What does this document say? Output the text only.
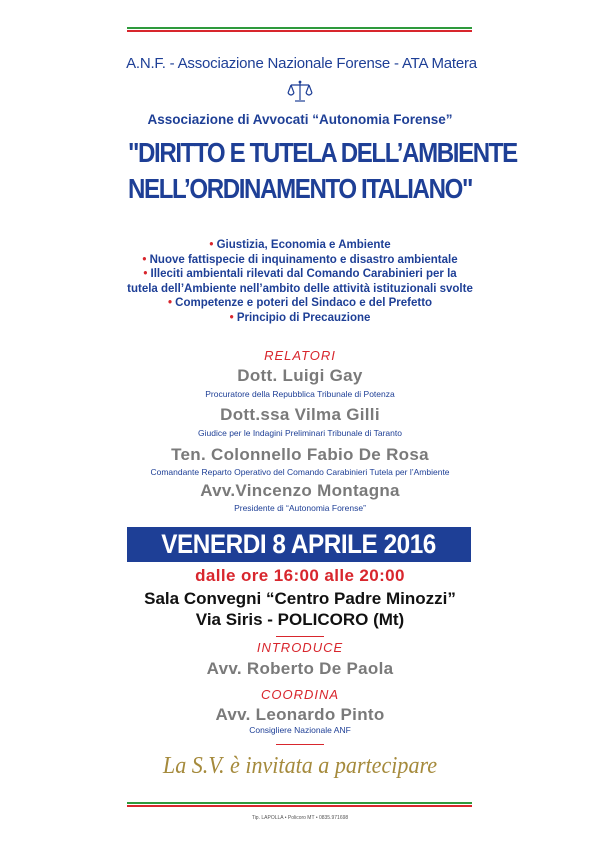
A.N.F. - Associazione Nazionale Forense - ATA Matera
Associazione di Avvocati “Autonomia Forense”
"DIRITTO E TUTELA DELL’AMBIENTE
NELL’ORDINAMENTO ITALIANO"
• Giustizia, Economia e Ambiente
• Nuove fattispecie di inquinamento e disastro ambientale
• Illeciti ambientali rilevati dal Comando Carabinieri per la
tutela dell’Ambiente nell’ambito delle attività istituzionali svolte
• Competenze e poteri del Sindaco e del Prefetto
• Principio di Precauzione
RELATORI
Dott. Luigi Gay
Procuratore della Repubblica Tribunale di Potenza
Dott.ssa Vilma Gilli
Giudice per le Indagini Preliminari Tribunale di Taranto
Ten. Colonnello Fabio De Rosa
Comandante Reparto Operativo del Comando Carabinieri Tutela per l’Ambiente
Avv.Vincenzo Montagna
Presidente di “Autonomia Forense”
VENERDI 8 APRILE 2016
dalle ore 16:00 alle 20:00
Sala Convegni “Centro Padre Minozzi”
Via Siris - POLICORO (Mt)
INTRODUCE
Avv. Roberto De Paola
COORDINA
Avv. Leonardo Pinto
Consigliere Nazionale ANF
La S.V. è invitata a partecipare
Tip. LAPOLLA • Policoro MT • 0835.971698
